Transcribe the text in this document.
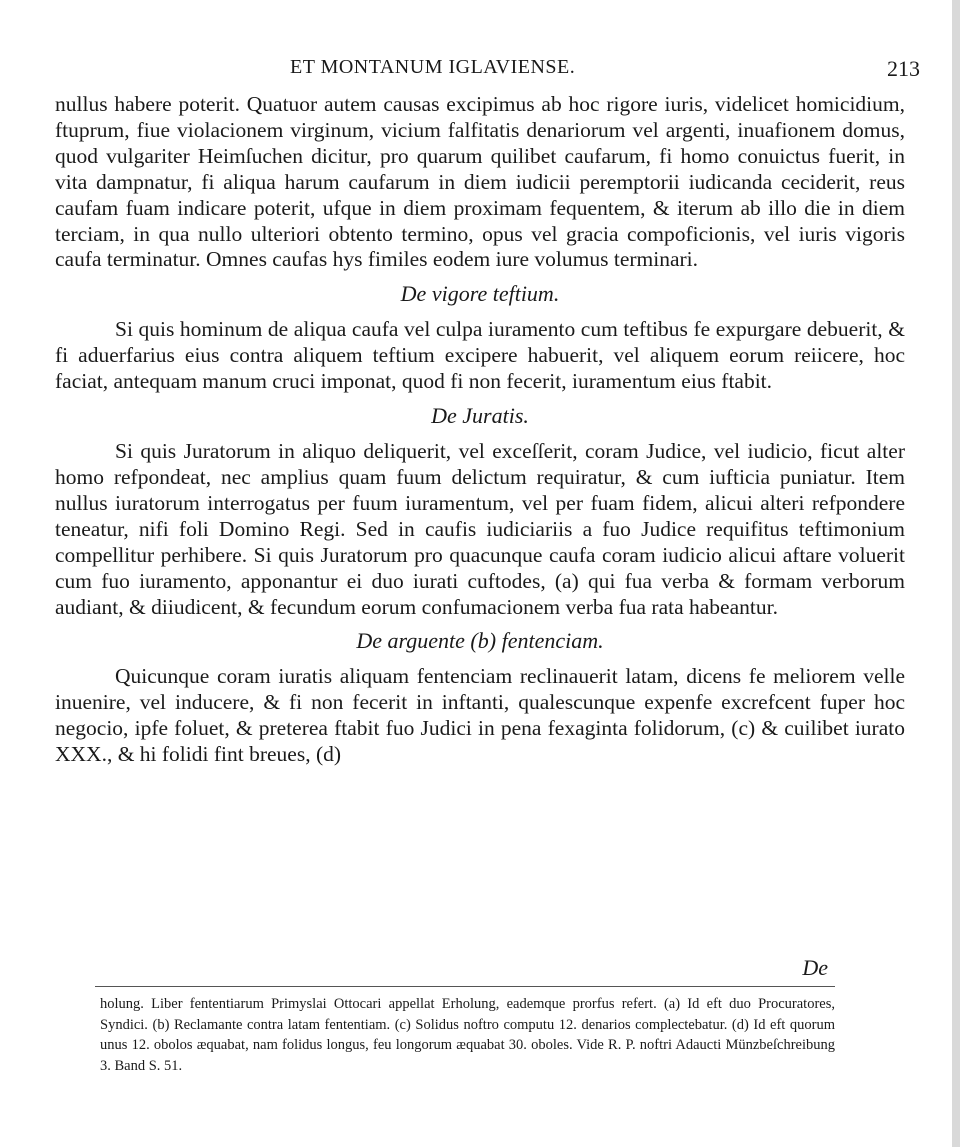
ET MONTANUM IGLAVIENSE.	213

nullus habere poterit. Quatuor autem causas excipimus ab hoc rigore iuris, videlicet homicidium, ftuprum, fiue violacionem virginum, vicium falfitatis denariorum vel argenti, inuafionem domus, quod vulgariter Heimſuchen dicitur, pro quarum quilibet caufarum, fi homo conuictus fuerit, in vita dampnatur, fi aliqua harum caufarum in diem iudicii peremptorii iudicanda ceciderit, reus caufam fuam indicare poterit, ufque in diem proximam fequentem, & iterum ab illo die in diem terciam, in qua nullo ulteriori obtento termino, opus vel gracia compoficionis, vel iuris vigoris caufa terminatur. Omnes caufas hys fimiles eodem iure volumus terminari.

De vigore teftium.

Si quis hominum de aliqua caufa vel culpa iuramento cum teftibus fe expurgare debuerit, & fi aduerfarius eius contra aliquem teftium excipere habuerit, vel aliquem eorum reiicere, hoc faciat, antequam manum cruci imponat, quod fi non fecerit, iuramentum eius ftabit.

De Juratis.

Si quis Juratorum in aliquo deliquerit, vel exceſſerit, coram Judice, vel iudicio, ficut alter homo refpondeat, nec amplius quam fuum delictum requiratur, & cum iufticia puniatur. Item nullus iuratorum interrogatus per fuum iuramentum, vel per fuam fidem, alicui alteri refpondere teneatur, nifi foli Domino Regi. Sed in caufis iudiciariis a fuo Judice requifitus teftimonium compellitur perhibere. Si quis Juratorum pro quacunque caufa coram iudicio alicui aftare voluerit cum fuo iuramento, apponantur ei duo iurati cuftodes, (a) qui fua verba & formam verborum audiant, & diiudicent, & fecundum eorum confumacionem verba fua rata habeantur.

De arguente (b) fentenciam.

Quicunque coram iuratis aliquam fentenciam reclinauerit latam, dicens fe meliorem velle inuenire, vel inducere, & fi non fecerit in inftanti, qualescunque expenfe excrefcent fuper hoc negocio, ipfe foluet, & preterea ftabit fuo Judici in pena fexaginta folidorum, (c) & cuilibet iurato XXX., & hi folidi fint breues, (d)

De

holung. Liber fententiarum Primyslai Ottocari appellat Erholung, eademque prorfus refert. (a) Id eft duo Procuratores, Syndici. (b) Reclamante contra latam fententiam. (c) Solidus noftro computu 12. denarios complectebatur. (d) Id eft quorum unus 12. obolos æquabat, nam folidus longus, feu longorum æquabat 30. oboles. Vide R. P. noftri Adaucti Münzbeſchreibung 3. Band S. 51.
